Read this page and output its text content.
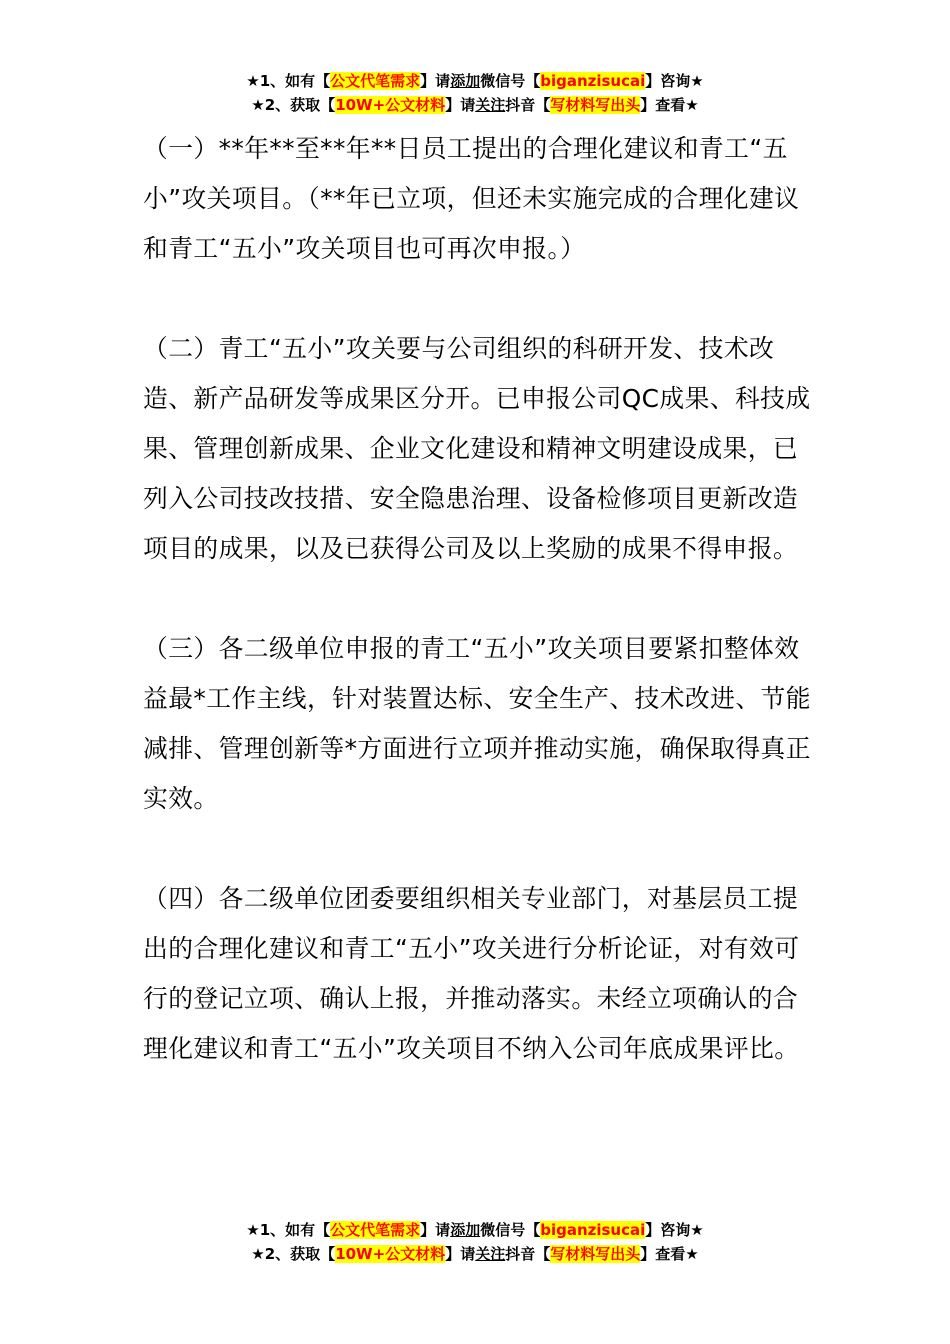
★1、如有【公文代笔需求】请添加微信号【biganzisucai】咨询★
★2、获取【10W+公文材料】请关注抖音【写材料写出头】查看★

（一）**年**至**年**日员工提出的合理化建议和青工“五小”攻关项目。（**年已立项，但还未实施完成的合理化建议和青工“五小”攻关项目也可再次申报。）

（二）青工“五小”攻关要与公司组织的科研开发、技术改造、新产品研发等成果区分开。已申报公司QC成果、科技成果、管理创新成果、企业文化建设和精神文明建设成果，已列入公司技改技措、安全隐患治理、设备检修项目更新改造项目的成果，以及已获得公司及以上奖励的成果不得申报。

（三）各二级单位申报的青工“五小”攻关项目要紧扣整体效益最*工作主线，针对装置达标、安全生产、技术改进、节能减排、管理创新等*方面进行立项并推动实施，确保取得真正实效。

（四）各二级单位团委要组织相关专业部门，对基层员工提出的合理化建议和青工“五小”攻关进行分析论证，对有效可行的登记立项、确认上报，并推动落实。未经立项确认的合理化建议和青工“五小”攻关项目不纳入公司年底成果评比。

★1、如有【公文代笔需求】请添加微信号【biganzisucai】咨询★
★2、获取【10W+公文材料】请关注抖音【写材料写出头】查看★
